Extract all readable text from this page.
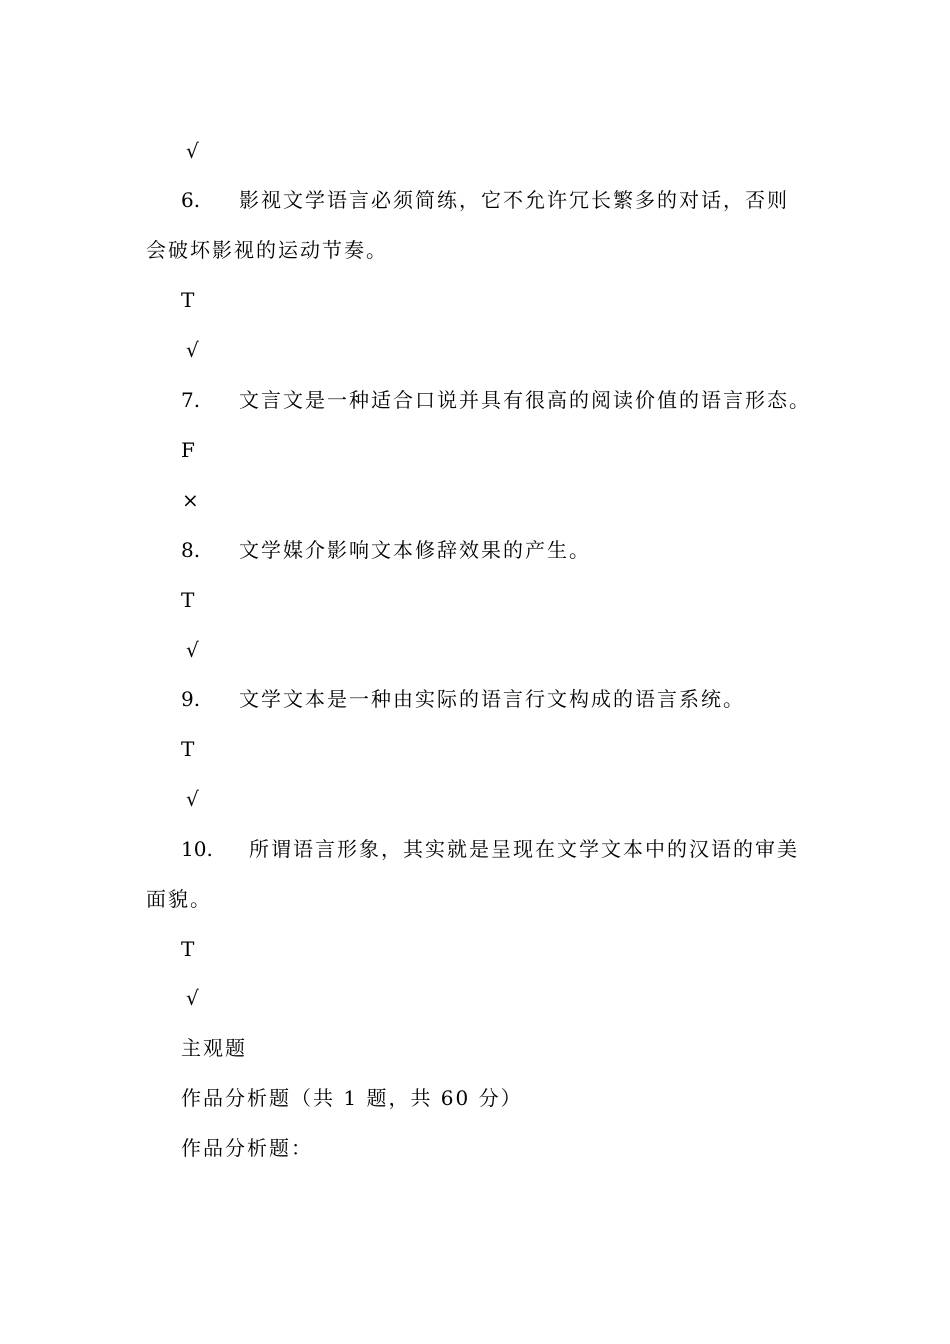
√
6. 影视文学语言必须简练，它不允许冗长繁多的对话，否则
会破坏影视的运动节奏。
T
√
7. 文言文是一种适合口说并具有很高的阅读价值的语言形态。
F
×
8. 文学媒介影响文本修辞效果的产生。
T
√
9. 文学文本是一种由实际的语言行文构成的语言系统。
T
√
10. 所谓语言形象，其实就是呈现在文学文本中的汉语的审美
面貌。
T
√
主观题
作品分析题（共 1 题，共 60 分）
作品分析题：
